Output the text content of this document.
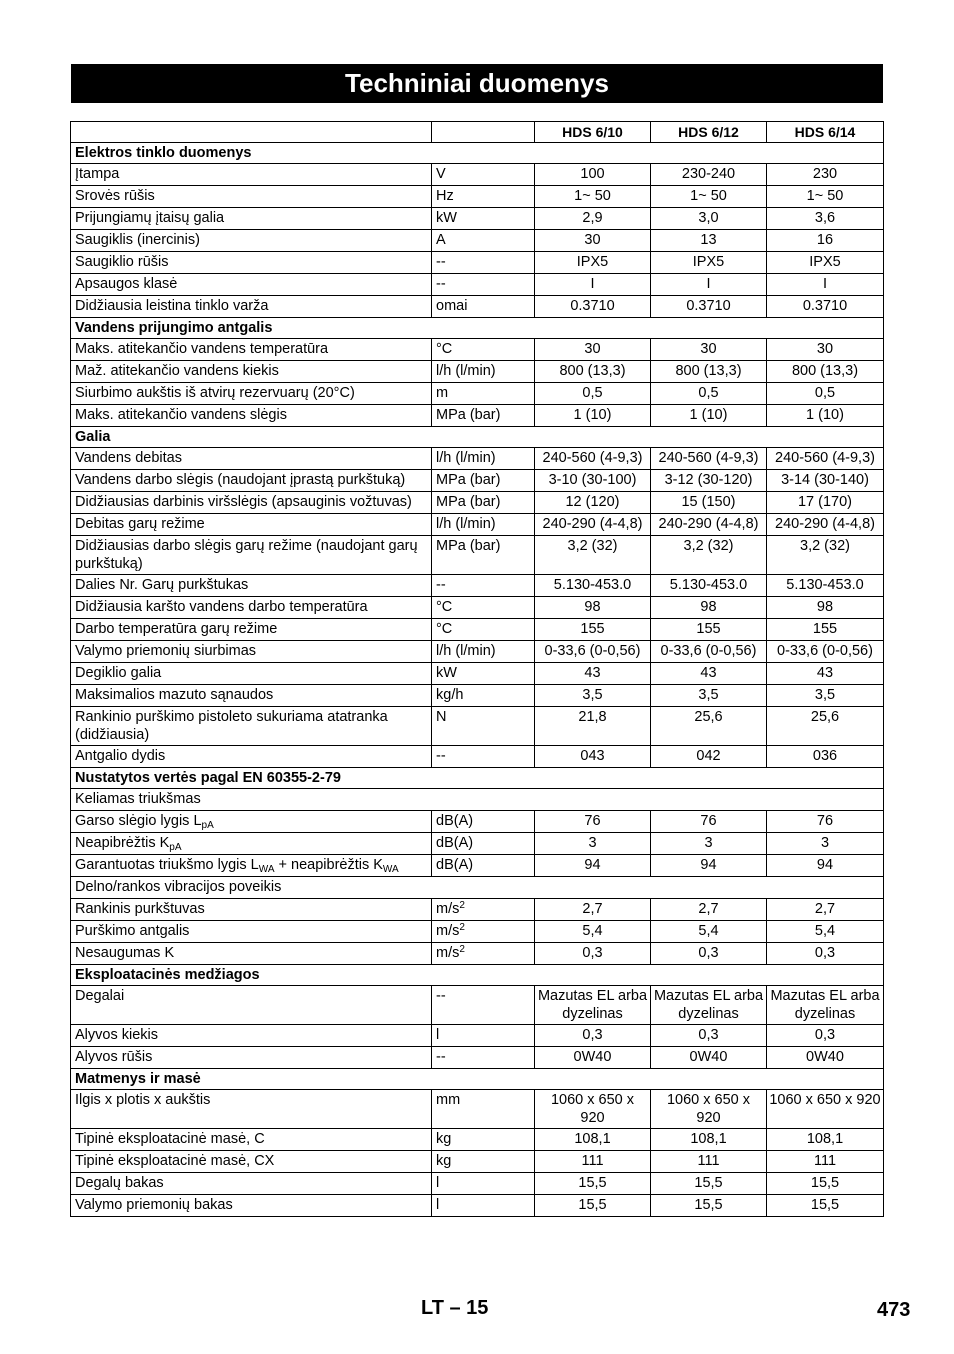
Techniniai duomenys
		HDS 6/10	HDS 6/12	HDS 6/14
Elektros tinklo duomenys				
Įtampa	V	100	230-240	230
Srovės rūšis	Hz	1~ 50	1~ 50	1~ 50
Prijungiamų įtaisų galia	kW	2,9	3,0	3,6
Saugiklis (inercinis)	A	30	13	16
Saugiklio rūšis	--	IPX5	IPX5	IPX5
Apsaugos klasė	--	I	I	I
Didžiausia leistina tinklo varža	omai	0.3710	0.3710	0.3710
Vandens prijungimo antgalis				
Maks. atitekančio vandens temperatūra	°C	30	30	30
Maž. atitekančio vandens kiekis	l/h (l/min)	800 (13,3)	800 (13,3)	800 (13,3)
Siurbimo aukštis iš atvirų rezervuarų (20°C)	m	0,5	0,5	0,5
Maks. atitekančio vandens slėgis	MPa (bar)	1 (10)	1 (10)	1 (10)
Galia				
Vandens debitas	l/h (l/min)	240-560 (4-9,3)	240-560 (4-9,3)	240-560 (4-9,3)
Vandens darbo slėgis (naudojant įprastą purkštuką)	MPa (bar)	3-10 (30-100)	3-12 (30-120)	3-14 (30-140)
Didžiausias darbinis viršslėgis (apsauginis vožtuvas)	MPa (bar)	12 (120)	15 (150)	17 (170)
Debitas garų režime	l/h (l/min)	240-290 (4-4,8)	240-290 (4-4,8)	240-290 (4-4,8)
Didžiausias darbo slėgis garų režime (naudojant garų purkštuką)	MPa (bar)	3,2 (32)	3,2 (32)	3,2 (32)
Dalies Nr. Garų purkštukas	--	5.130-453.0	5.130-453.0	5.130-453.0
Didžiausia karšto vandens darbo temperatūra	°C	98	98	98
Darbo temperatūra garų režime	°C	155	155	155
Valymo priemonių siurbimas	l/h (l/min)	0-33,6 (0-0,56)	0-33,6 (0-0,56)	0-33,6 (0-0,56)
Degiklio galia	kW	43	43	43
Maksimalios mazuto sąnaudos	kg/h	3,5	3,5	3,5
Rankinio purškimo pistoleto sukuriama atatranka (didžiausia)	N	21,8	25,6	25,6
Antgalio dydis	--	043	042	036
Nustatytos vertės pagal EN 60355-2-79				
Keliamas triukšmas				
Garso slėgio lygis $L_{pA}$	dB(A)	76	76	76
Neapibrėžtis $K_{pA}$	dB(A)	3	3	3
Garantuotas triukšmo lygis $L_{WA}$ + neapibrėžtis $K_{WA}$	dB(A)	94	94	94
Delno/rankos vibracijos poveikis				
Rankinis purkštuvas	$m/s^2$	2,7	2,7	2,7
Purškimo antgalis	$m/s^2$	5,4	5,4	5,4
Nesaugumas K	$m/s^2$	0,3	0,3	0,3
Eksploatacinės medžiagos				
Degalai	--	Mazutas EL arba dyzelinas	Mazutas EL arba dyzelinas	Mazutas EL arba dyzelinas
Alyvos kiekis	l	0,3	0,3	0,3
Alyvos rūšis	--	0W40	0W40	0W40
Matmenys ir masė				
Ilgis x plotis x aukštis	mm	1060 x 650 x 920	1060 x 650 x 920	1060 x 650 x 920
Tipinė eksploatacinė masė, C	kg	108,1	108,1	108,1
Tipinė eksploatacinė masė, CX	kg	111	111	111
Degalų bakas	l	15,5	15,5	15,5
Valymo priemonių bakas	l	15,5	15,5	15,5
LT – 15	473
